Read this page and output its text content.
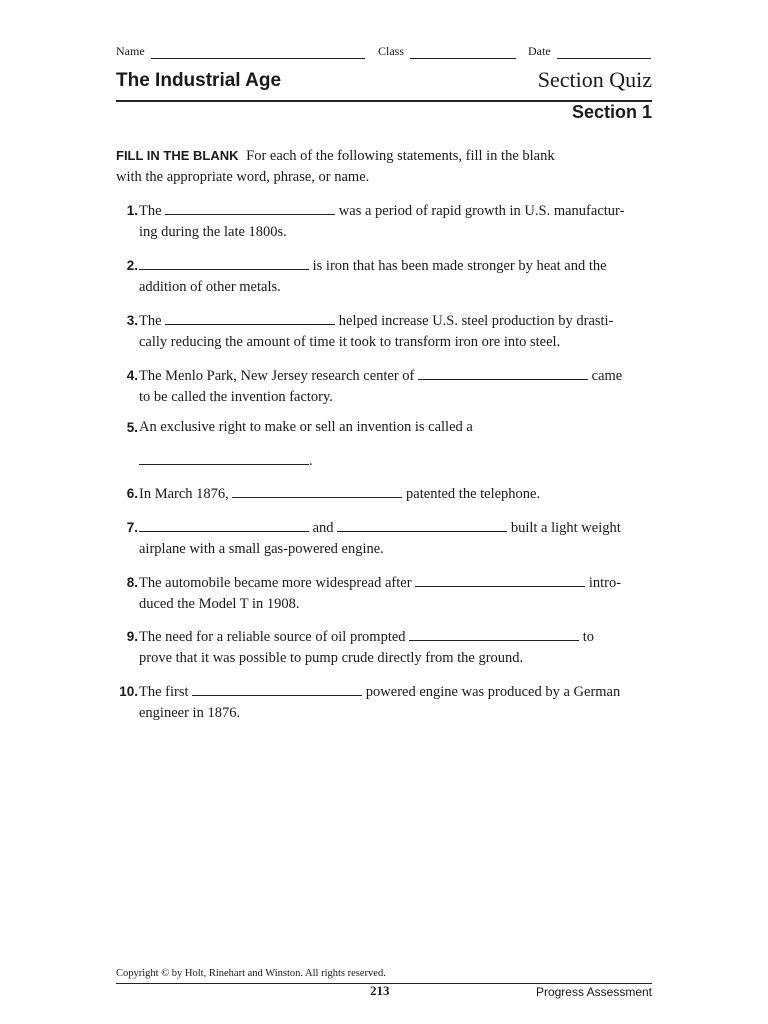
Name	Class	Date
The Industrial Age	Section Quiz
Section 1
FILL IN THE BLANK For each of the following statements, fill in the blank with the appropriate word, phrase, or name.
1. The	was a period of rapid growth in U.S. manufactur-
ing during the late 1800s.
2.	is iron that has been made stronger by heat and the
addition of other metals.
3. The	helped increase U.S. steel production by drasti-
cally reducing the amount of time it took to transform iron ore into steel.
4. The Menlo Park, New Jersey research center of	came
to be called the invention factory.
5. An exclusive right to make or sell an invention is called a
.
6. In March 1876,	patented the telephone.
7.	and	built a light weight
airplane with a small gas-powered engine.
8. The automobile became more widespread after	intro-
duced the Model T in 1908.
9. The need for a reliable source of oil prompted	to
prove that it was possible to pump crude directly from the ground.
10. The first	powered engine was produced by a German
engineer in 1876.
Copyright © by Holt, Rinehart and Winston. All rights reserved.
213	Progress Assessment
